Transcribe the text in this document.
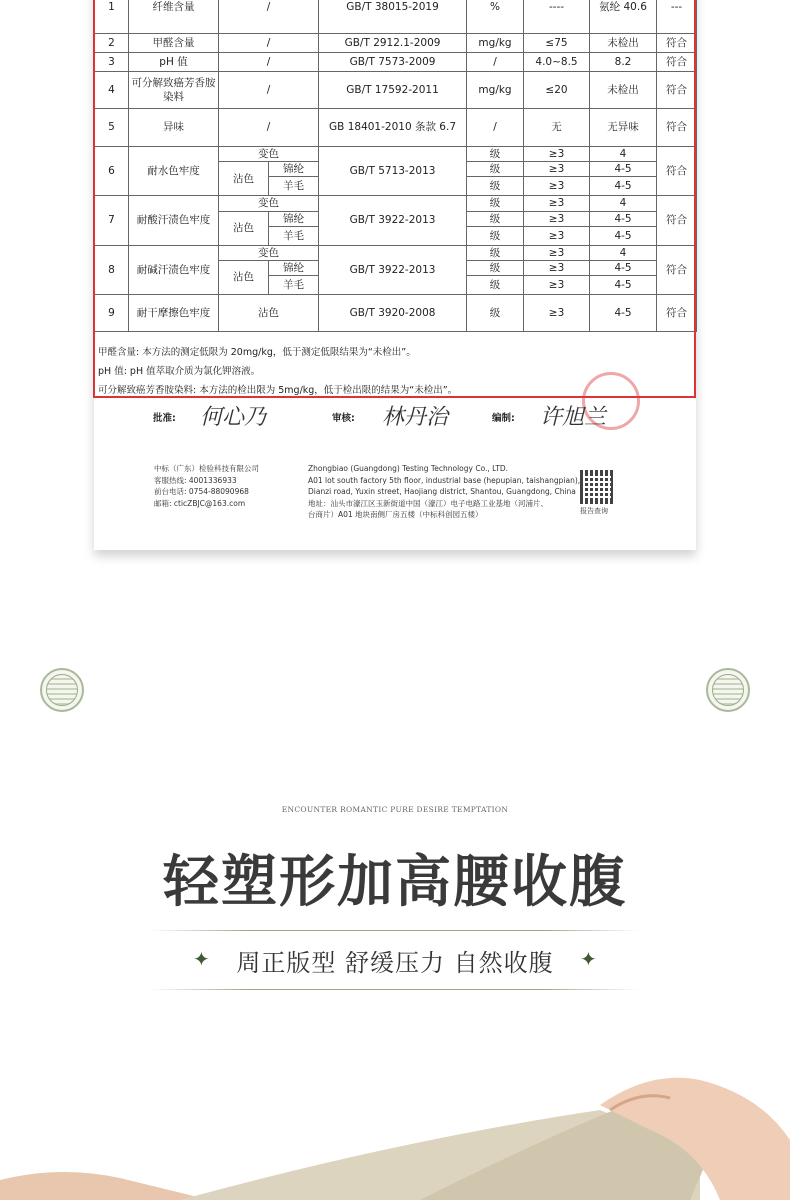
1	纤维含量	/		GB/T 38015-2019	%	----	氨纶 40.6	---
2	甲醛含量	/		GB/T 2912.1-2009	mg/kg	≤75	未检出	符合
3	pH 值	/		GB/T 7573-2009	/	4.0~8.5	8.2	符合
4	可分解致癌芳香胺染料	/		GB/T 17592-2011	mg/kg	≤20	未检出	符合
5	异味	/		GB 18401-2010 条款 6.7	/	无	无异味	符合
6	耐水色牢度	变色		GB/T 5713-2013	级	≥3	4	符合
		沾色	锦纶		级	≥3	4-5	
			羊毛		级	≥3	4-5	
7	耐酸汗渍色牢度	变色		GB/T 3922-2013	级	≥3	4	符合
		沾色	锦纶		级	≥3	4-5	
			羊毛		级	≥3	4-5	
8	耐碱汗渍色牢度	变色		GB/T 3922-2013	级	≥3	4	符合
		沾色	锦纶		级	≥3	4-5	
			羊毛		级	≥3	4-5	
9	耐干摩擦色牢度	沾色		GB/T 3920-2008	级	≥3	4-5	符合
甲醛含量: 本方法的测定低限为 20mg/kg，低于测定低限结果为“未检出”。
pH 值: pH 值萃取介质为氯化钾溶液。
可分解致癌芳香胺染料: 本方法的检出限为 5mg/kg，低于检出限的结果为“未检出”。
批准: 何心乃	审核: 林丹治	编制: 许旭兰
中标（广东）检验科技有限公司
客服热线: 4001336933
前台电话: 0754-88090968
邮箱: cticZBJC@163.com
Zhongbiao (Guangdong) Testing Technology Co., LTD.
A01 lot south factory 5th floor, industrial base (hepupian, taishangpian),
Dianzi road, Yuxin street, Haojiang district, Shantou, Guangdong, China
地址：汕头市濠江区玉新街道中国（濠江）电子电路工业基地（河浦片、
台商片）A01 地块南侧厂房五楼（中标科创园五楼）	报告查询
ENCOUNTER ROMANTIC PURE DESIRE TEMPTATION
轻塑形加高腰收腹
✦	周正版型 舒缓压力 自然收腹	✦
